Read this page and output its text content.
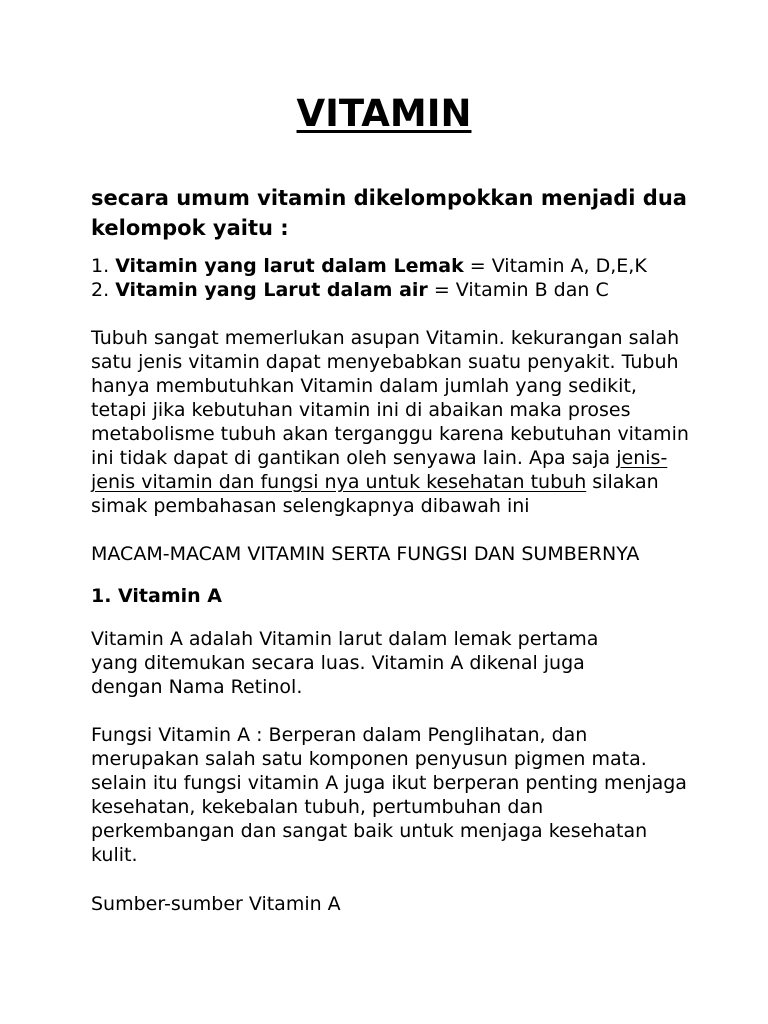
VITAMIN

secara umum vitamin dikelompokkan menjadi dua kelompok yaitu :

1. Vitamin yang larut dalam Lemak = Vitamin A, D,E,K
2. Vitamin yang Larut dalam air = Vitamin B dan C

Tubuh sangat memerlukan asupan Vitamin. kekurangan salah satu jenis vitamin dapat menyebabkan suatu penyakit. Tubuh hanya membutuhkan Vitamin dalam jumlah yang sedikit, tetapi jika kebutuhan vitamin ini di abaikan maka proses metabolisme tubuh akan terganggu karena kebutuhan vitamin ini tidak dapat di gantikan oleh senyawa lain. Apa saja jenis-jenis vitamin dan fungsi nya untuk kesehatan tubuh silakan simak pembahasan selengkapnya dibawah ini

MACAM-MACAM VITAMIN SERTA FUNGSI DAN SUMBERNYA

1. Vitamin A

Vitamin A adalah Vitamin larut dalam lemak pertama yang ditemukan secara luas. Vitamin A dikenal juga dengan Nama Retinol.

Fungsi Vitamin A : Berperan dalam Penglihatan, dan merupakan salah satu komponen penyusun pigmen mata. selain itu fungsi vitamin A juga ikut berperan penting menjaga kesehatan, kekebalan tubuh, pertumbuhan dan perkembangan dan sangat baik untuk menjaga kesehatan kulit.

Sumber-sumber Vitamin A
